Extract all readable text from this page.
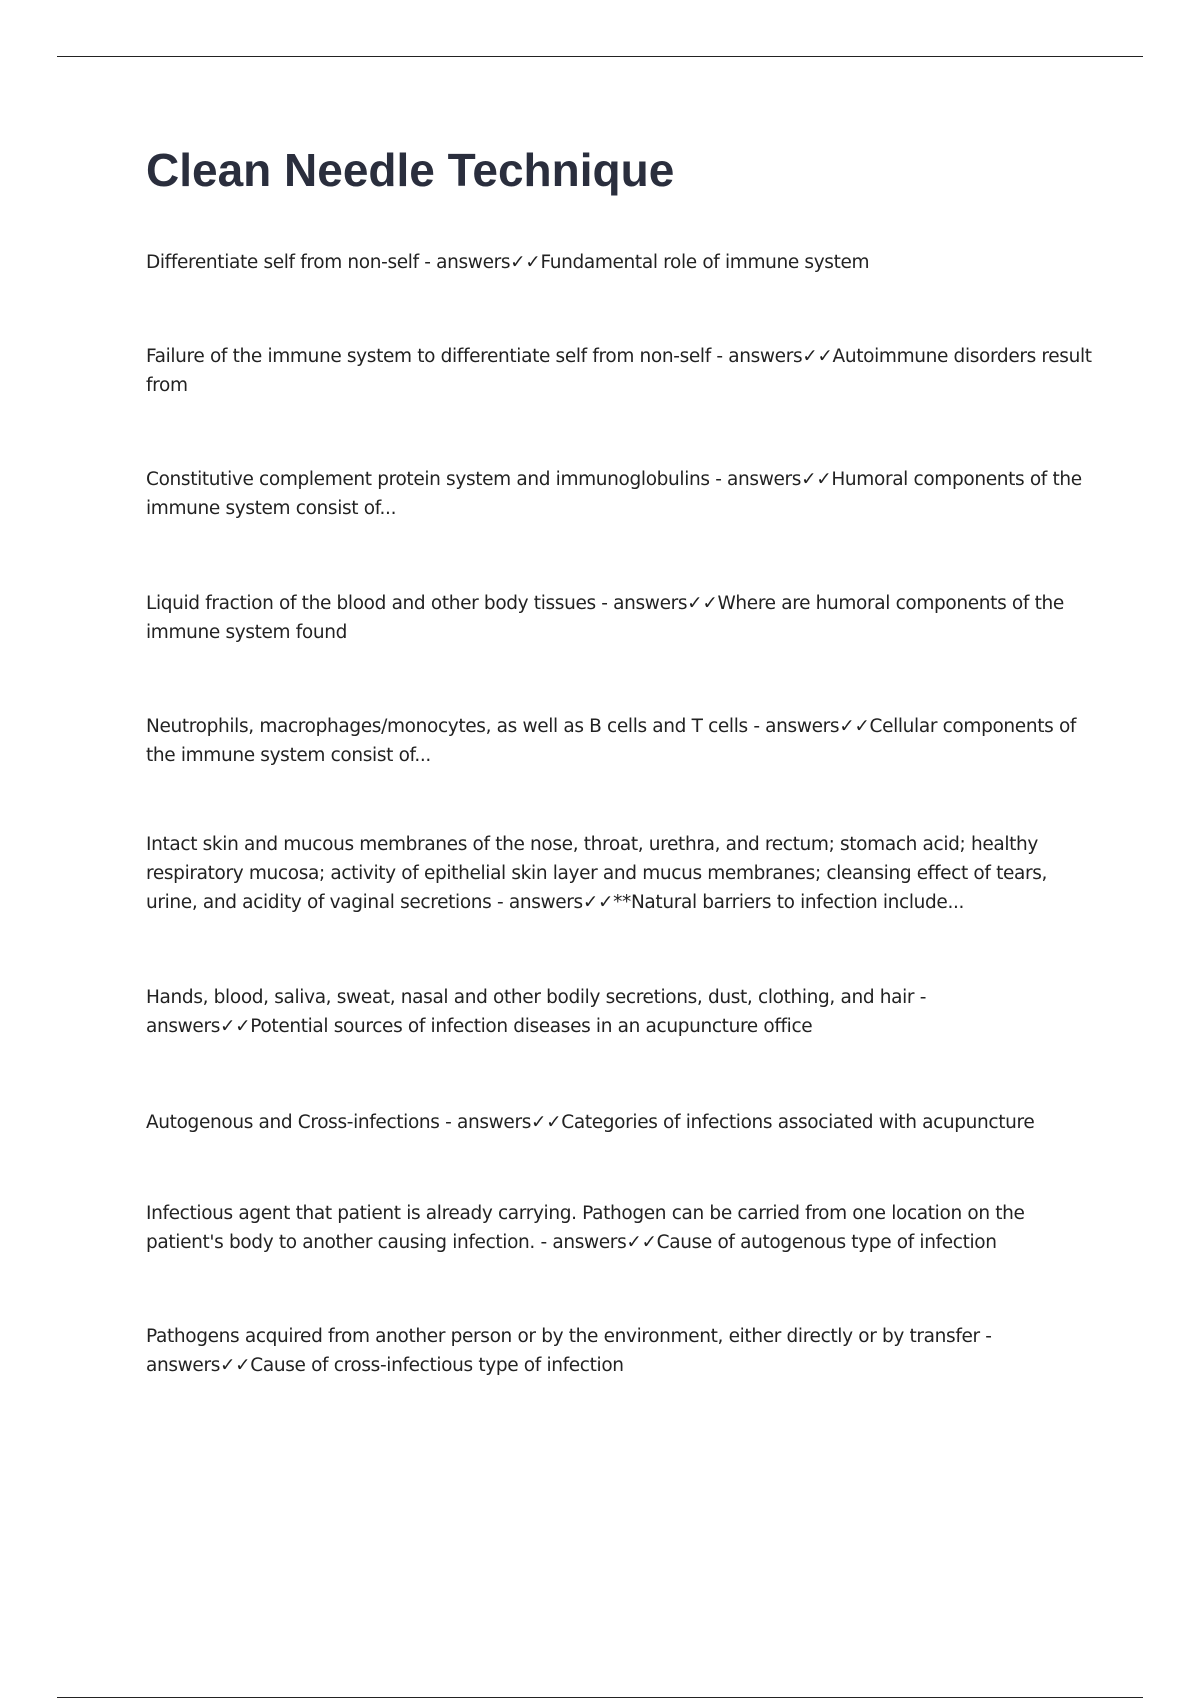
Clean Needle Technique

Differentiate self from non-self - answers✓✓Fundamental role of immune system

Failure of the immune system to differentiate self from non-self - answers✓✓Autoimmune disorders result from

Constitutive complement protein system and immunoglobulins - answers✓✓Humoral components of the immune system consist of...

Liquid fraction of the blood and other body tissues - answers✓✓Where are humoral components of the immune system found

Neutrophils, macrophages/monocytes, as well as B cells and T cells - answers✓✓Cellular components of the immune system consist of...

Intact skin and mucous membranes of the nose, throat, urethra, and rectum; stomach acid; healthy respiratory mucosa; activity of epithelial skin layer and mucus membranes; cleansing effect of tears, urine, and acidity of vaginal secretions - answers✓✓**Natural barriers to infection include...

Hands, blood, saliva, sweat, nasal and other bodily secretions, dust, clothing, and hair - answers✓✓Potential sources of infection diseases in an acupuncture office

Autogenous and Cross-infections - answers✓✓Categories of infections associated with acupuncture

Infectious agent that patient is already carrying. Pathogen can be carried from one location on the patient's body to another causing infection. - answers✓✓Cause of autogenous type of infection

Pathogens acquired from another person or by the environment, either directly or by transfer - answers✓✓Cause of cross-infectious type of infection
